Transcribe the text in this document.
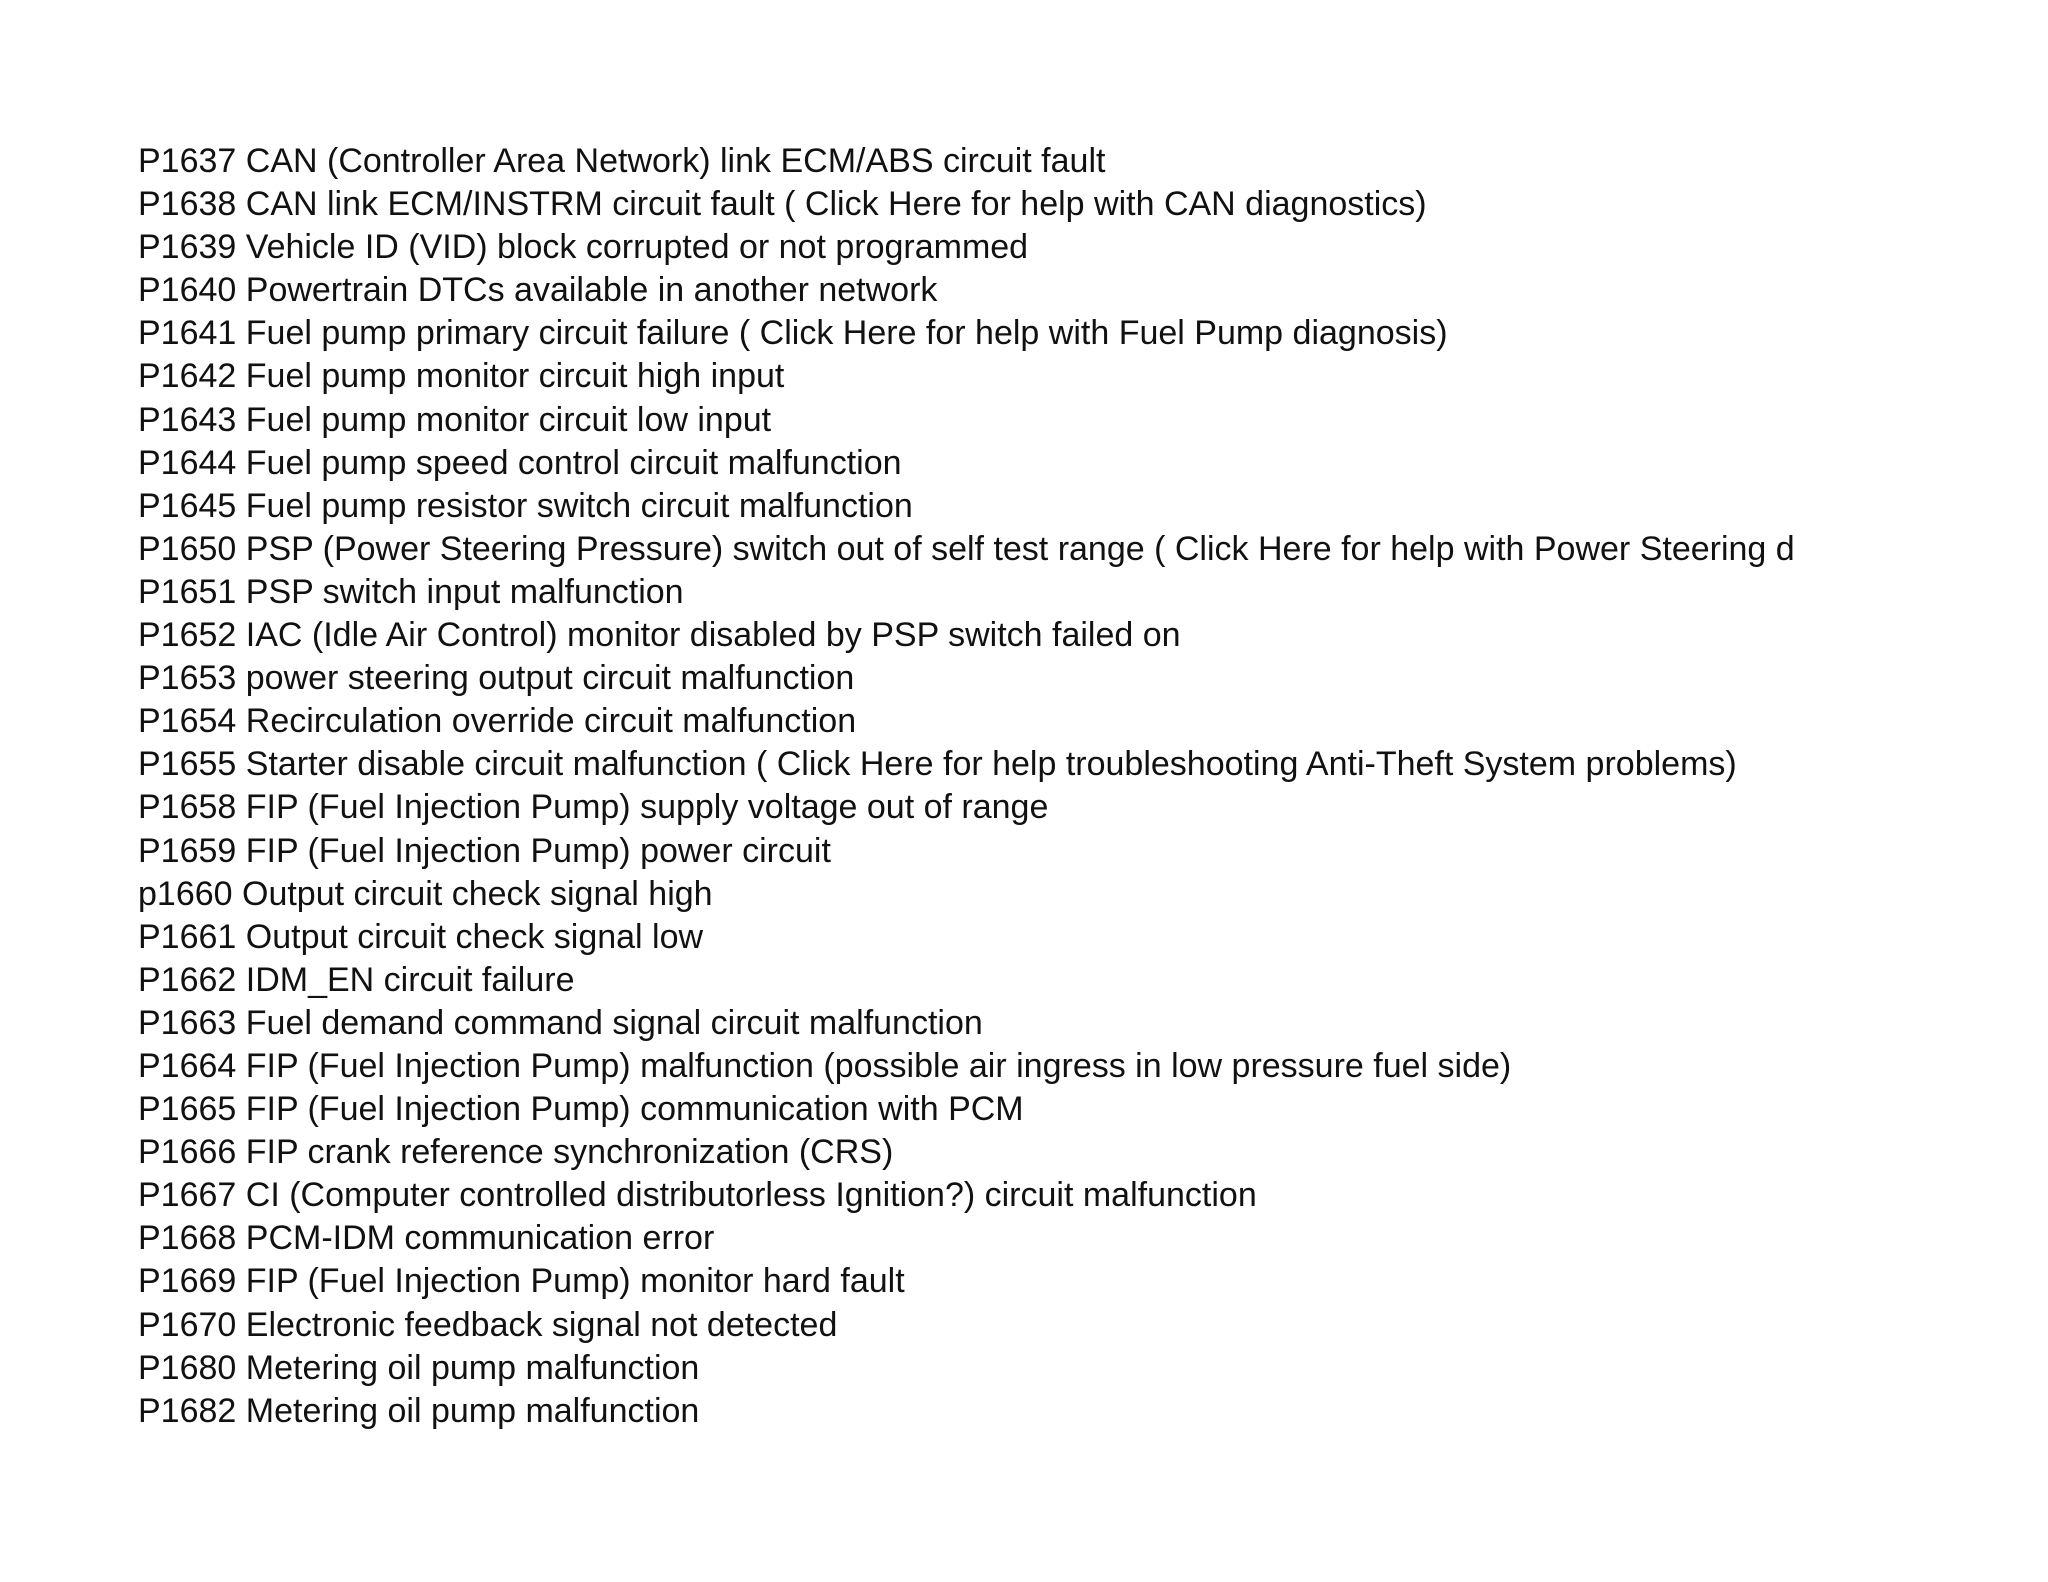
P1637 CAN (Controller Area Network) link ECM/ABS circuit fault
P1638 CAN link ECM/INSTRM circuit fault ( Click Here for help with CAN diagnostics)
P1639 Vehicle ID (VID) block corrupted or not programmed
P1640 Powertrain DTCs available in another network
P1641 Fuel pump primary circuit failure ( Click Here for help with Fuel Pump diagnosis)
P1642 Fuel pump monitor circuit high input
P1643 Fuel pump monitor circuit low input
P1644 Fuel pump speed control circuit malfunction
P1645 Fuel pump resistor switch circuit malfunction
P1650 PSP (Power Steering Pressure) switch out of self test range ( Click Here for help with Power Steering d
P1651 PSP switch input malfunction
P1652 IAC (Idle Air Control) monitor disabled by PSP switch failed on
P1653 power steering output circuit malfunction
P1654 Recirculation override circuit malfunction
P1655 Starter disable circuit malfunction ( Click Here for help troubleshooting Anti-Theft System problems)
P1658 FIP (Fuel Injection Pump) supply voltage out of range
P1659 FIP (Fuel Injection Pump) power circuit
p1660 Output circuit check signal high
P1661 Output circuit check signal low
P1662 IDM_EN circuit failure
P1663 Fuel demand command signal circuit malfunction
P1664 FIP (Fuel Injection Pump) malfunction (possible air ingress in low pressure fuel side)
P1665 FIP (Fuel Injection Pump) communication with PCM
P1666 FIP crank reference synchronization (CRS)
P1667 CI (Computer controlled distributorless Ignition?) circuit malfunction
P1668 PCM-IDM communication error
P1669 FIP (Fuel Injection Pump) monitor hard fault
P1670 Electronic feedback signal not detected
P1680 Metering oil pump malfunction
P1682 Metering oil pump malfunction
